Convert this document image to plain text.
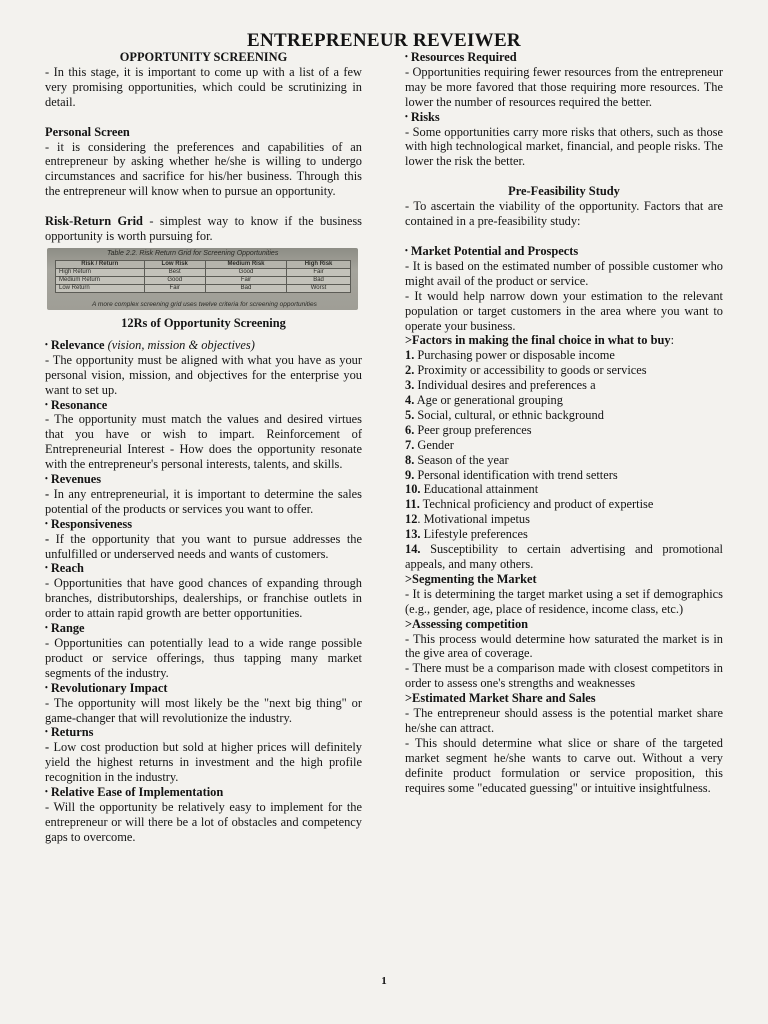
ENTREPRENEUR REVEIWER

OPPORTUNITY SCREENING

- In this stage, it is important to come up with a list of a few very promising opportunities, which could be scrutinizing in detail.

Personal Screen

- it is considering the preferences and capabilities of an entrepreneur by asking whether he/she is willing to undergo circumstances and sacrifice for his/her business. Through this the entrepreneur will know when to pursue an opportunity.

Risk-Return Grid - simplest way to know if the business opportunity is worth pursuing for.

Table 2.2. Risk Return Grid for Screening Opportunities
Risk / Return	Low Risk	Medium Risk	High Risk
High Return	Best	Good	Fair
Medium Return	Good	Fair	Bad
Low Return	Fair	Bad	Worst
A more complex screening grid uses twelve criteria for screening opportunities

12Rs of Opportunity Screening

• Relevance (vision, mission & objectives)

- The opportunity must be aligned with what you have as your personal vision, mission, and objectives for the enterprise you want to set up.

• Resonance

- The opportunity must match the values and desired virtues that you have or wish to impart. Reinforcement of Entrepreneurial Interest - How does the opportunity resonate with the entrepreneur's personal interests, talents, and skills.

• Revenues

- In any entrepreneurial, it is important to determine the sales potential of the products or services you want to offer.

• Responsiveness

- If the opportunity that you want to pursue addresses the unfulfilled or underserved needs and wants of customers.

• Reach

- Opportunities that have good chances of expanding through branches, distributorships, dealerships, or franchise outlets in order to attain rapid growth are better opportunities.

• Range

- Opportunities can potentially lead to a wide range possible product or service offerings, thus tapping many market segments of the industry.

• Revolutionary Impact

- The opportunity will most likely be the "next big thing" or game-changer that will revolutionize the industry.

• Returns

- Low cost production but sold at higher prices will definitely yield the highest returns in investment and the high profile recognition in the industry.

• Relative Ease of Implementation

- Will the opportunity be relatively easy to implement for the entrepreneur or will there be a lot of obstacles and competency gaps to overcome.

• Resources Required

- Opportunities requiring fewer resources from the entrepreneur may be more favored that those requiring more resources. The lower the number of resources required the better.

• Risks

- Some opportunities carry more risks that others, such as those with high technological market, financial, and people risks. The lower the risk the better.

Pre-Feasibility Study

- To ascertain the viability of the opportunity. Factors that are contained in a pre-feasibility study:

• Market Potential and Prospects

- It is based on the estimated number of possible customer who might avail of the product or service.

- It would help narrow down your estimation to the relevant population or target customers in the area where you want to operate your business.

>Factors in making the final choice in what to buy:

1. Purchasing power or disposable income

2. Proximity or accessibility to goods or services

3. Individual desires and preferences a

4. Age or generational grouping

5. Social, cultural, or ethnic background

6. Peer group preferences

7. Gender

8. Season of the year

9. Personal identification with trend setters

10. Educational attainment

11. Technical proficiency and product of expertise

12. Motivational impetus

13. Lifestyle preferences

14. Susceptibility to certain advertising and promotional appeals, and many others.

>Segmenting the Market

- It is determining the target market using a set if demographics (e.g., gender, age, place of residence, income class, etc.)

>Assessing competition

- This process would determine how saturated the market is in the give area of coverage.

- There must be a comparison made with closest competitors in order to assess one's strengths and weaknesses

>Estimated Market Share and Sales

- The entrepreneur should assess is the potential market share he/she can attract.

- This should determine what slice or share of the targeted market segment he/she wants to carve out. Without a very definite product formulation or service proposition, this requires some "educated guessing" or intuitive insightfulness.

1
